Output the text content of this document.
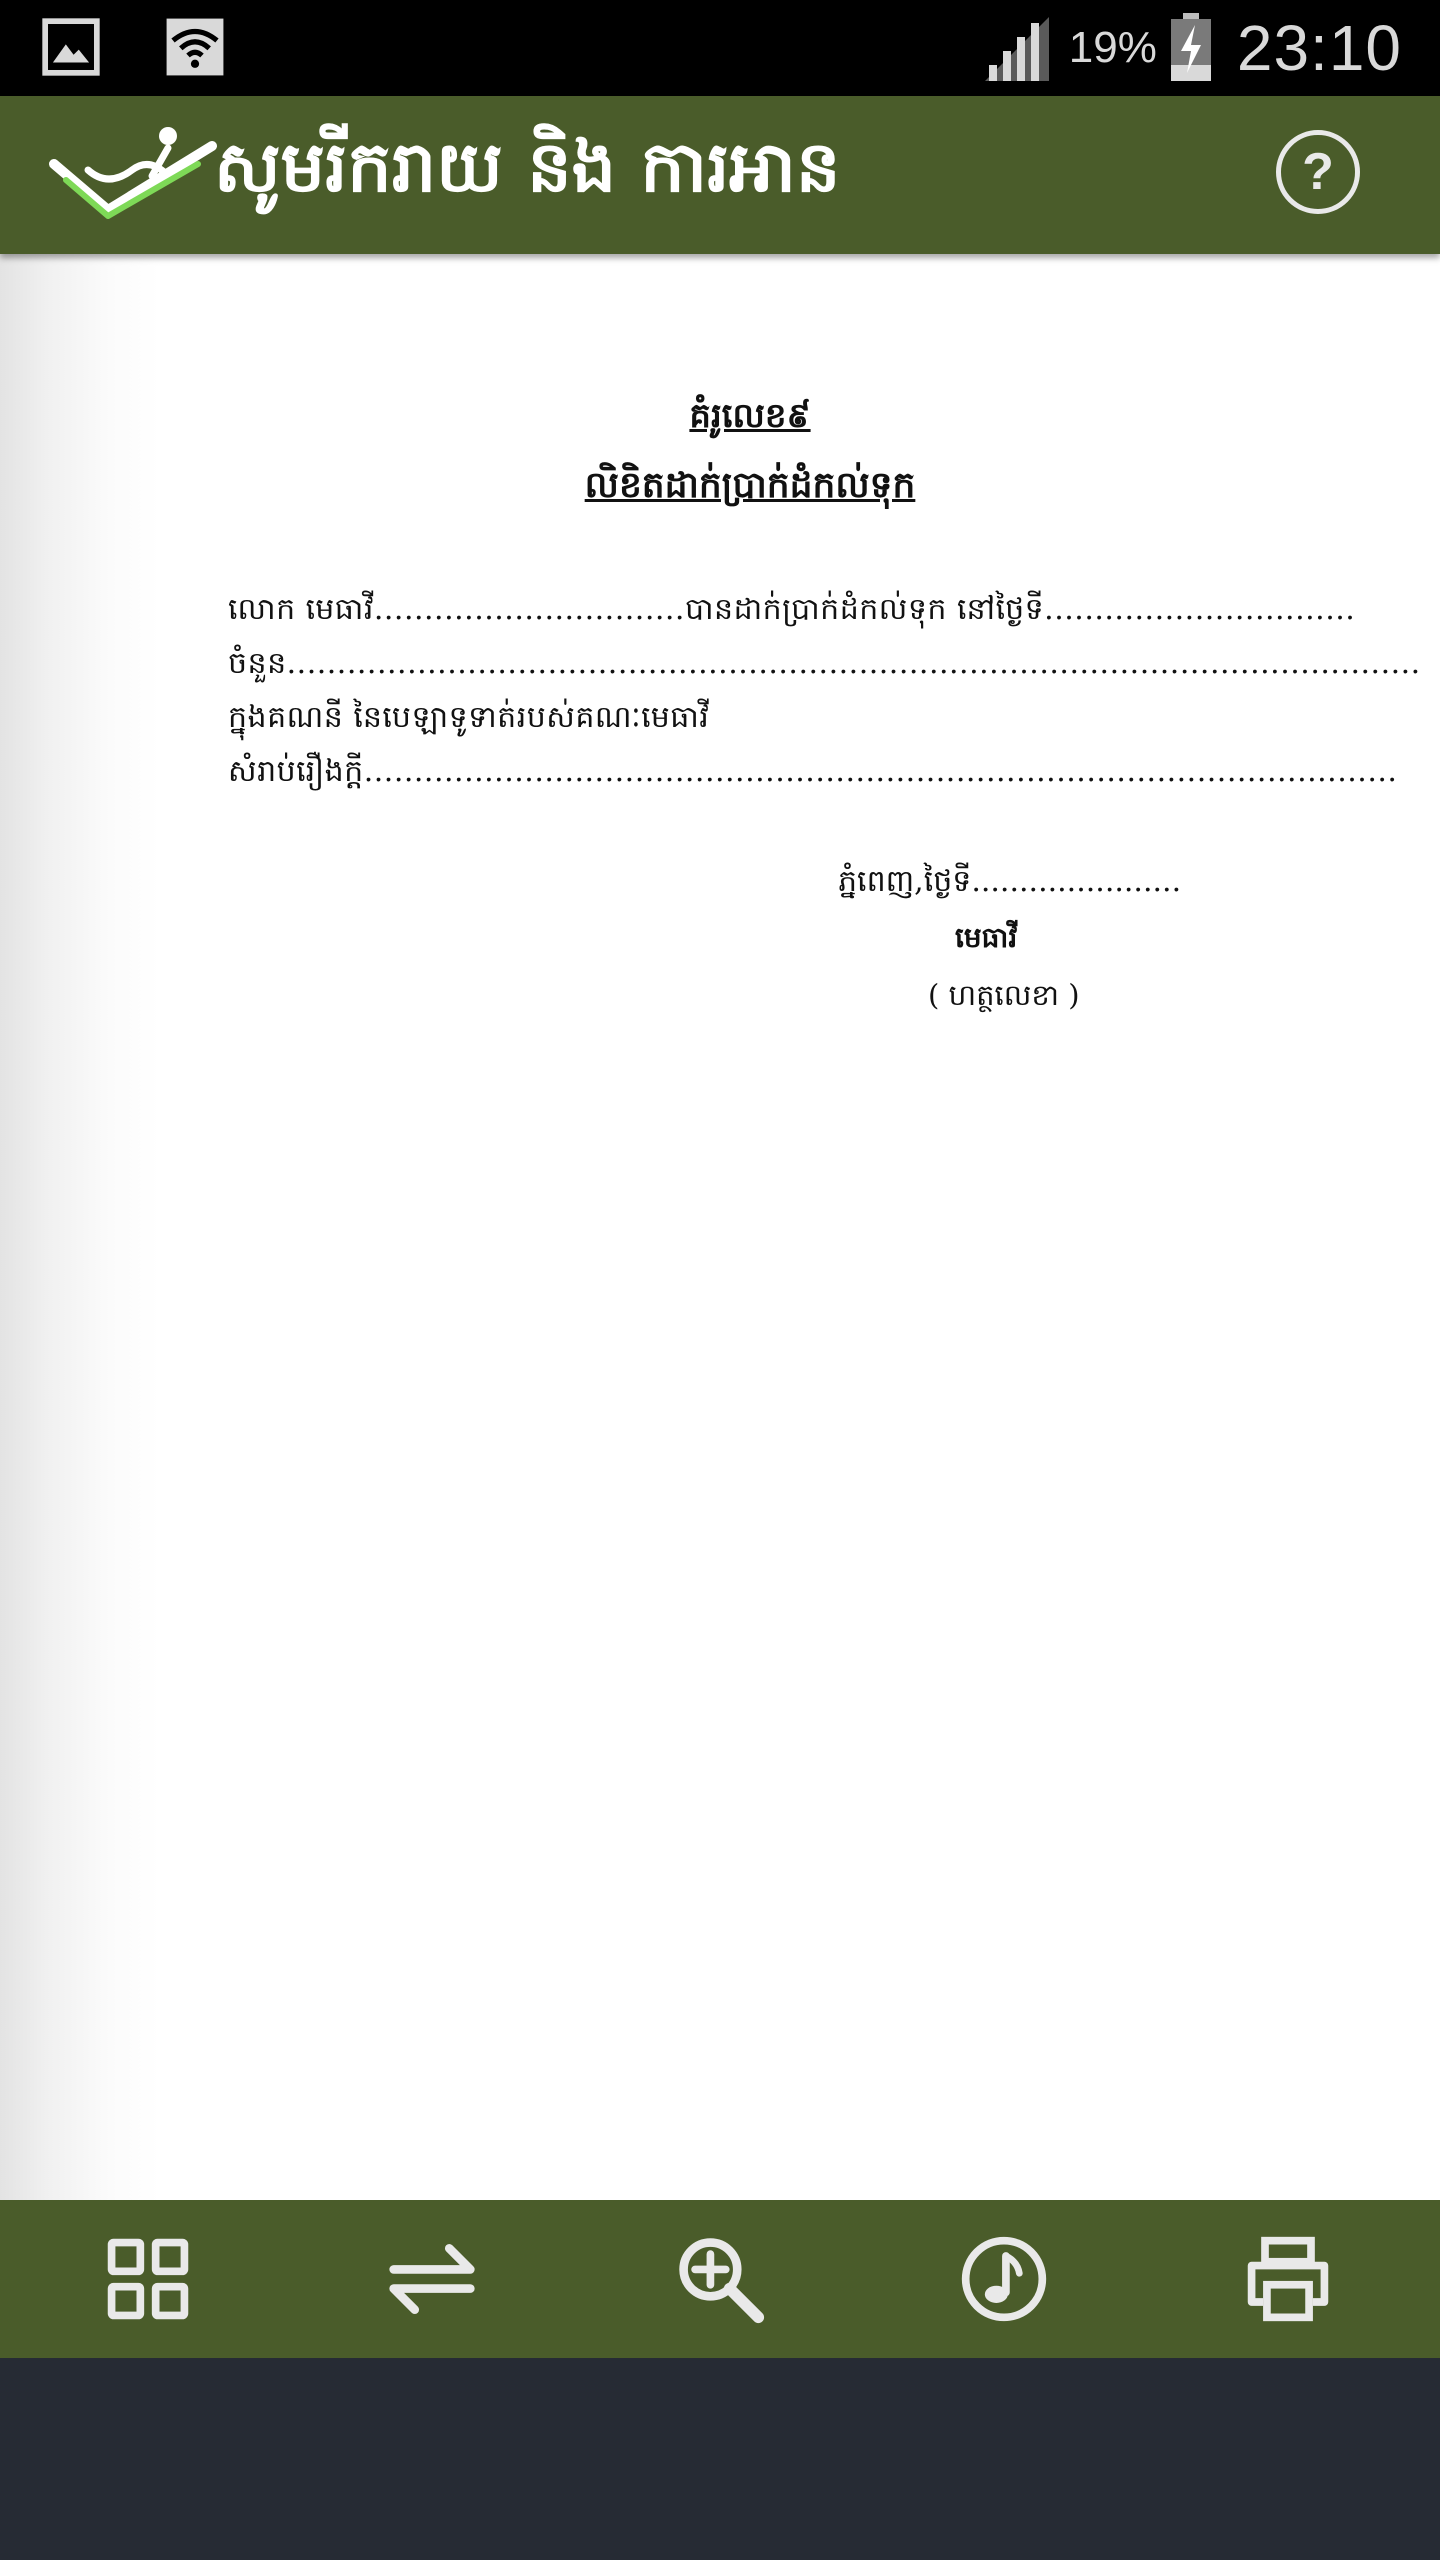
19% 23:10
សូមរីករាយ និង ការអាន	?
គំរូលេខ៩
លិខិតដាក់ប្រាក់ដំកល់ទុក
លោក មេធាវី...............................បានដាក់ប្រាក់ដំកល់ទុក នៅថ្ងៃទី...............................
ចំនួន.................................................................................................................
ក្នុងគណនី នៃបេឡាទូទាត់របស់គណៈមេធាវី
សំរាប់រឿងក្ដី.......................................................................................................
ភ្នំពេញ,ថ្ងៃទី......................
មេធាវី
( ហត្ថលេខា )
